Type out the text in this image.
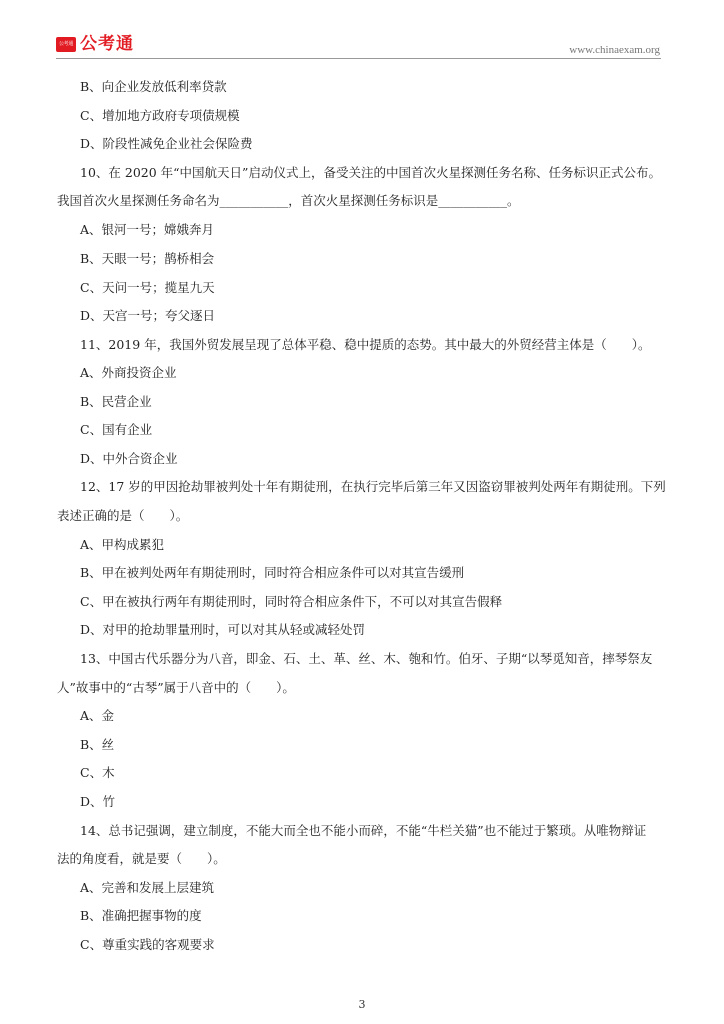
公考通 公考通	www.chinaexam.org
B、向企业发放低利率贷款
C、增加地方政府专项债规模
D、阶段性减免企业社会保险费
10、在 2020 年“中国航天日”启动仪式上，备受关注的中国首次火星探测任务名称、任务标识正式公布。
我国首次火星探测任务命名为___________，首次火星探测任务标识是___________。
A、银河一号；嫦娥奔月
B、天眼一号；鹊桥相会
C、天问一号；揽星九天
D、天宫一号；夸父逐日
11、2019 年，我国外贸发展呈现了总体平稳、稳中提质的态势。其中最大的外贸经营主体是（　　）。
A、外商投资企业
B、民营企业
C、国有企业
D、中外合资企业
12、17 岁的甲因抢劫罪被判处十年有期徒刑，在执行完毕后第三年又因盗窃罪被判处两年有期徒刑。下列
表述正确的是（　　）。
A、甲构成累犯
B、甲在被判处两年有期徒刑时，同时符合相应条件可以对其宣告缓刑
C、甲在被执行两年有期徒刑时，同时符合相应条件下，不可以对其宣告假释
D、对甲的抢劫罪量刑时，可以对其从轻或减轻处罚
13、中国古代乐器分为八音，即金、石、土、革、丝、木、匏和竹。伯牙、子期“以琴觅知音，摔琴祭友
人”故事中的“古琴”属于八音中的（　　）。
A、金
B、丝
C、木
D、竹
14、总书记强调，建立制度，不能大而全也不能小而碎，不能“牛栏关猫”也不能过于繁琐。从唯物辩证
法的角度看，就是要（　　）。
A、完善和发展上层建筑
B、准确把握事物的度
C、尊重实践的客观要求
3
